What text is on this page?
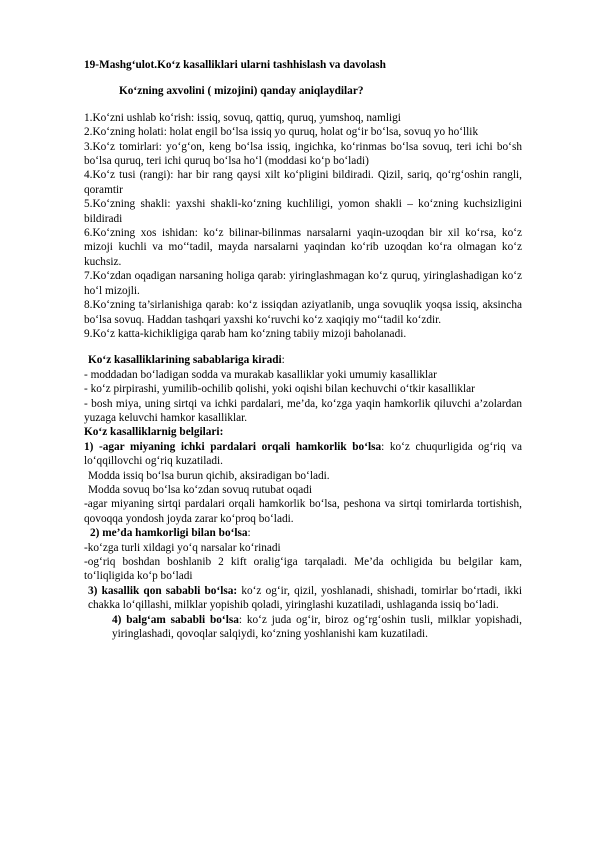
19-Mashg‘ulot.Ko‘z kasalliklari ularni tashhislash va davolash
Ko‘zning axvolini ( mizojini) qanday aniqlaydilar?

1.Ko‘zni ushlab ko‘rish: issiq, sovuq, qattiq, quruq, yumshoq, namligi

2.Ko‘zning holati: holat engil bo‘lsa issiq yo quruq, holat og‘ir bo‘lsa, sovuq yo ho‘llik

3.Ko‘z tomirlari: yo‘g‘on, keng bo‘lsa issiq, ingichka, ko‘rinmas bo‘lsa sovuq, teri ichi bo‘sh bo‘lsa quruq, teri ichi quruq bo‘lsa ho‘l (moddasi ko‘p bo‘ladi)

4.Ko‘z tusi (rangi): har bir rang qaysi xilt ko‘pligini bildiradi. Qizil, sariq, qo‘rg‘oshin rangli, qoramtir

5.Ko‘zning shakli: yaxshi shakli-ko‘zning kuchliligi, yomon shakli – ko‘zning kuchsizligini bildiradi

6.Ko‘zning xos ishidan: ko‘z bilinar-bilinmas narsalarni yaqin-uzoqdan bir xil ko‘rsa, ko‘z mizoji kuchli va mo‘‘tadil, mayda narsalarni yaqindan ko‘rib uzoqdan ko‘ra olmagan ko‘z kuchsiz.

7.Ko‘zdan oqadigan narsaning holiga qarab: yiringlashmagan ko‘z quruq, yiringlashadigan ko‘z ho‘l mizojli.

8.Ko‘zning ta’sirlanishiga qarab: ko‘z issiqdan aziyatlanib, unga sovuqlik yoqsa issiq, aksincha bo‘lsa sovuq. Haddan tashqari yaxshi ko‘ruvchi ko‘z xaqiqiy mo‘‘tadil ko‘zdir.

9.Ko‘z katta-kichikligiga qarab ham ko‘zning tabiiy mizoji baholanadi.

Ko‘z kasalliklarining sabablariga kiradi:

- moddadan bo‘ladigan sodda va murakab kasalliklar yoki umumiy kasalliklar

- ko‘z pirpirashi, yumilib-ochilib qolishi, yoki oqishi bilan kechuvchi o‘tkir kasalliklar

- bosh miya, uning sirtqi va ichki pardalari, me’da, ko‘zga yaqin hamkorlik qiluvchi a’zolardan yuzaga keluvchi hamkor kasalliklar.

Ko‘z kasalliklarnig belgilari:

1) -agar miyaning ichki pardalari orqali hamkorlik bo‘lsa: ko‘z chuqurligida og‘riq va lo‘qqillovchi og‘riq kuzatiladi.

Modda issiq bo‘lsa burun qichib, aksiradigan bo‘ladi.

Modda sovuq bo‘lsa ko‘zdan sovuq rutubat oqadi

-agar miyaning sirtqi pardalari orqali hamkorlik bo‘lsa, peshona va sirtqi tomirlarda tortishish, qovoqqa yondosh joyda zarar ko‘proq bo‘ladi.

2) me’da hamkorligi bilan bo‘lsa:

-ko‘zga turli xildagi yo‘q narsalar ko‘rinadi

-og‘riq boshdan boshlanib 2 kift oralig‘iga tarqaladi. Me’da ochligida bu belgilar kam, to‘liqligida ko‘p bo‘ladi

3) kasallik qon sababli bo‘lsa: ko‘z og‘ir, qizil, yoshlanadi, shishadi, tomirlar bo‘rtadi, ikki chakka lo‘qillashi, milklar yopishib qoladi, yiringlashi kuzatiladi, ushlaganda issiq bo‘ladi.

4) balg‘am sababli bo‘lsa: ko‘z juda og‘ir, biroz og‘rg‘oshin tusli, milklar yopishadi, yiringlashadi, qovoqlar salqiydi, ko‘zning yoshlanishi kam kuzatiladi.
